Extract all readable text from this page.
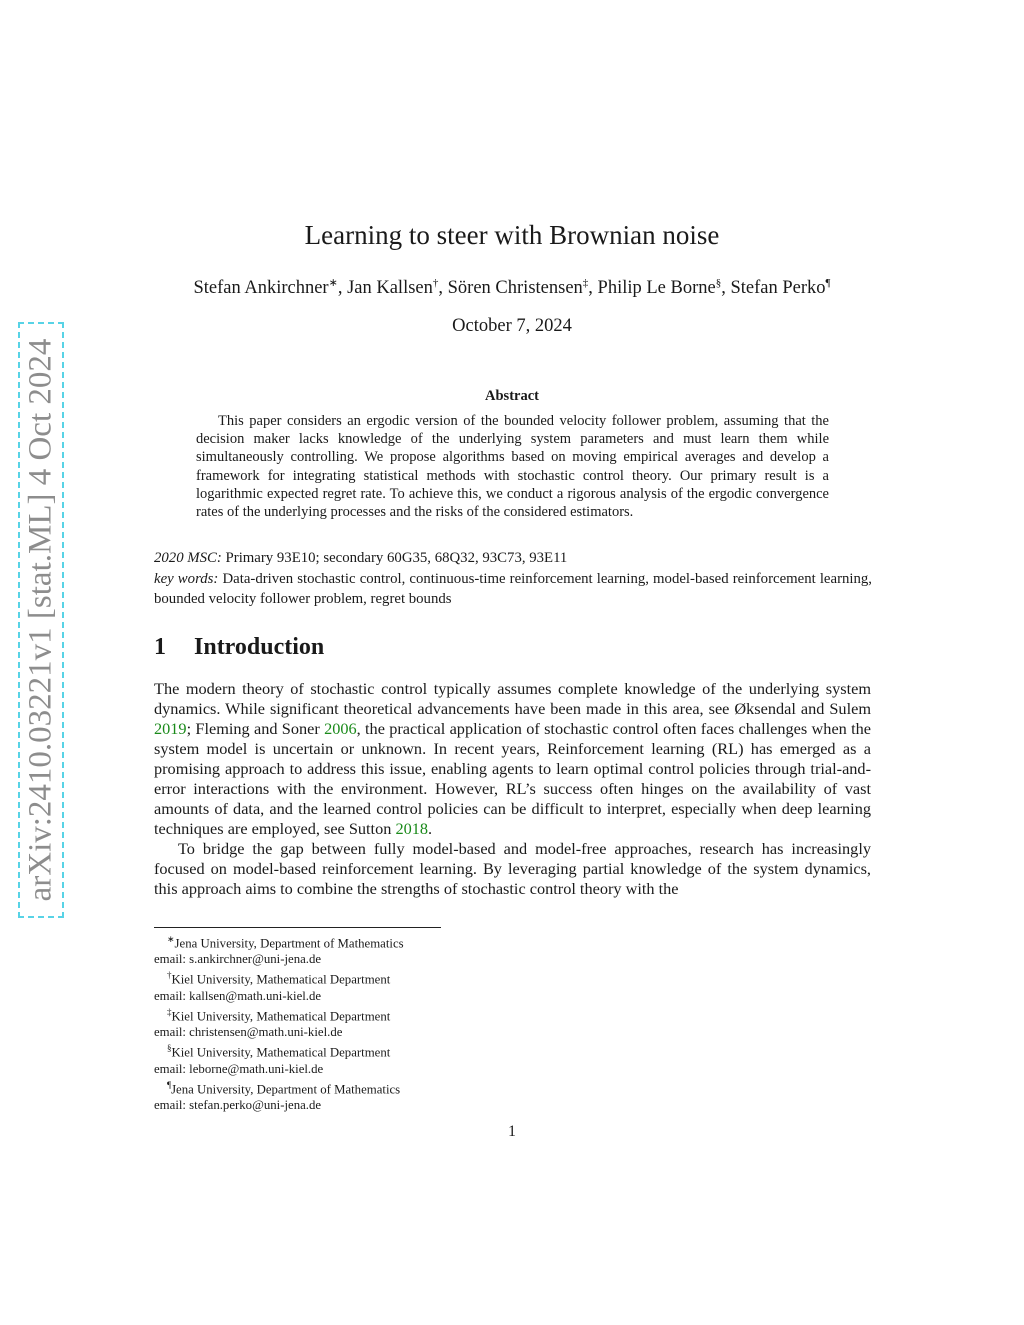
arXiv:2410.03221v1 [stat.ML] 4 Oct 2024
Learning to steer with Brownian noise
Stefan Ankirchner∗, Jan Kallsen†, Sören Christensen‡, Philip Le Borne§, Stefan Perko¶
October 7, 2024
Abstract
This paper considers an ergodic version of the bounded velocity follower problem, assuming that the decision maker lacks knowledge of the underlying system parameters and must learn them while simultaneously controlling. We propose algorithms based on moving empirical averages and develop a framework for integrating statistical methods with stochastic control theory. Our primary result is a logarithmic expected regret rate. To achieve this, we conduct a rigorous analysis of the ergodic convergence rates of the underlying processes and the risks of the considered estimators.
2020 MSC: Primary 93E10; secondary 60G35, 68Q32, 93C73, 93E11
key words: Data-driven stochastic control, continuous-time reinforcement learning, model-based reinforcement learning, bounded velocity follower problem, regret bounds
1 Introduction

The modern theory of stochastic control typically assumes complete knowledge of the underlying system dynamics. While significant theoretical advancements have been made in this area, see Øksendal and Sulem 2019; Fleming and Soner 2006, the practical application of stochastic control often faces challenges when the system model is uncertain or unknown. In recent years, Reinforcement learning (RL) has emerged as a promising approach to address this issue, enabling agents to learn optimal control policies through trial-and-error interactions with the environment. However, RL’s success often hinges on the availability of vast amounts of data, and the learned control policies can be difficult to interpret, especially when deep learning techniques are employed, see Sutton 2018.

To bridge the gap between fully model-based and model-free approaches, research has increasingly focused on model-based reinforcement learning. By leveraging partial knowledge of the system dynamics, this approach aims to combine the strengths of stochastic control theory with the

∗Jena University, Department of Mathematics
email: s.ankirchner@uni-jena.de
†Kiel University, Mathematical Department
email: kallsen@math.uni-kiel.de
‡Kiel University, Mathematical Department
email: christensen@math.uni-kiel.de
§Kiel University, Mathematical Department
email: leborne@math.uni-kiel.de
¶Jena University, Department of Mathematics
email: stefan.perko@uni-jena.de
1
